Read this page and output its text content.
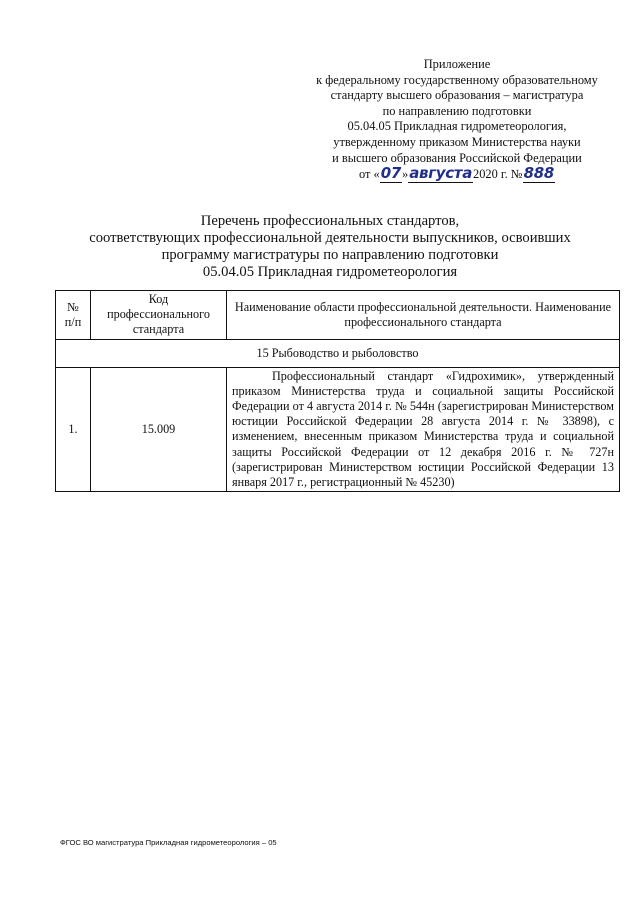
Приложение
к федеральному государственному образовательному
стандарту высшего образования – магистратура
по направлению подготовки
05.04.05 Прикладная гидрометеорология,
утвержденному приказом Министерства науки
и высшего образования Российской Федерации
от «07»августа2020 г. №888
Перечень профессиональных стандартов,
соответствующих профессиональной деятельности выпускников, освоивших
программу магистратуры по направлению подготовки
05.04.05 Прикладная гидрометеорология
№ п/п	Код профессионального стандарта	Наименование области профессиональной деятельности. Наименование профессионального стандарта
15 Рыбоводство и рыболовство		
1.	15.009	Профессиональный стандарт «Гидрохимик», утвержденный приказом Министерства труда и социальной защиты Российской Федерации от 4 августа 2014 г. № 544н (зарегистрирован Министерством юстиции Российской Федерации 28 августа 2014 г. № 33898), с изменением, внесенным приказом Министерства труда и социальной защиты Российской Федерации от 12 декабря 2016 г. № 727н (зарегистрирован Министерством юстиции Российской Федерации 13 января 2017 г., регистрационный № 45230)
ФГОС ВО магистратура Прикладная гидрометеорология – 05
